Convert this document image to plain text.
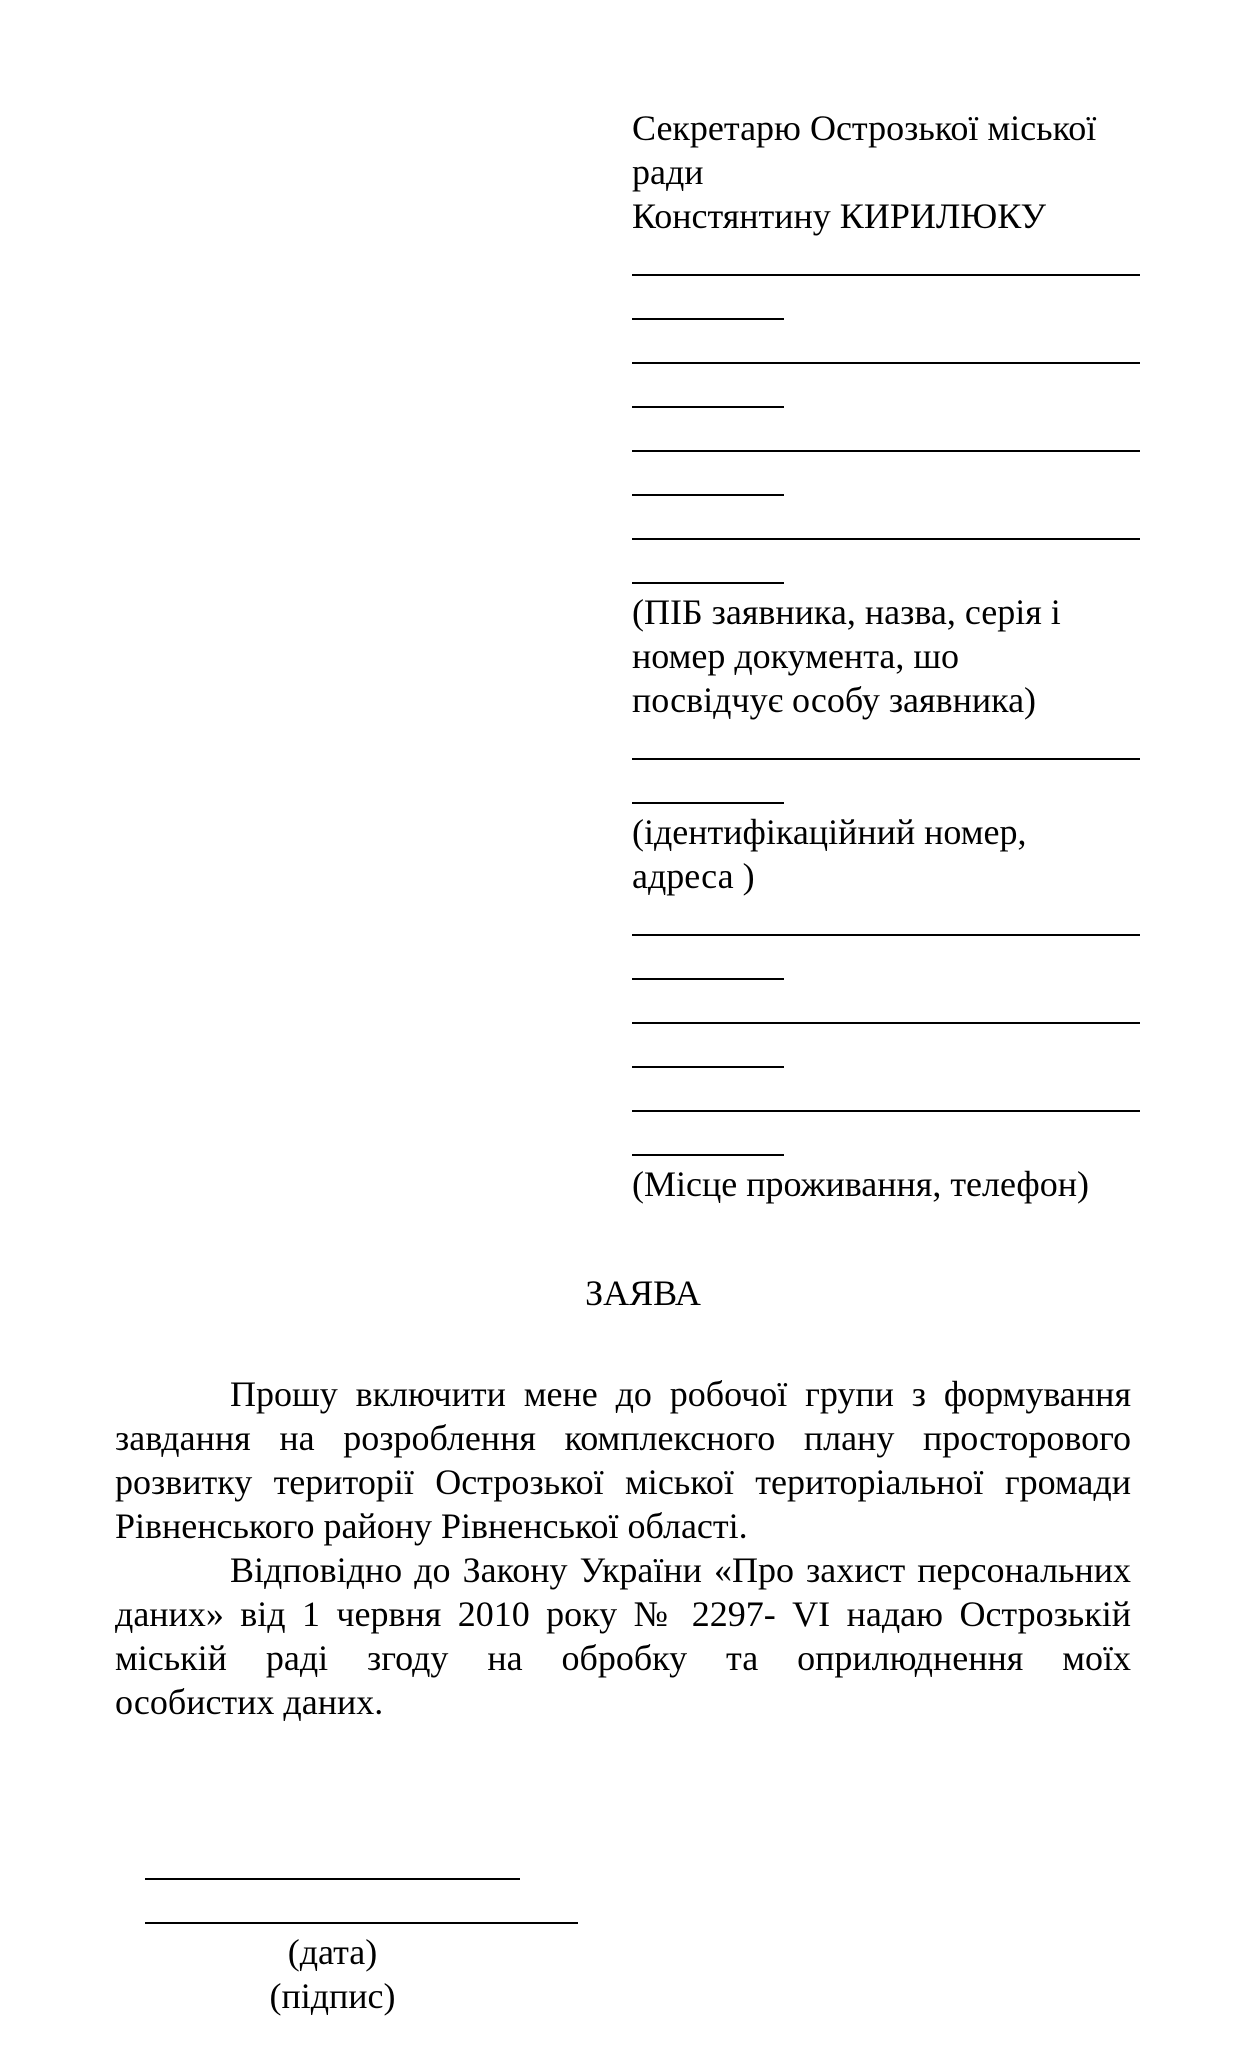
Секретарю Острозької міської
ради
Констянтину КИРИЛЮКУ
(ПІБ заявника, назва, серія і
номер документа, шо
посвідчує особу заявника)
(ідентифікаційний номер,
адреса )
(Місце проживання, телефон)
ЗАЯВА
Прошу включити мене до робочої групи з формування
завдання на розроблення комплексного плану просторового
розвитку території Острозької міської територіальної громади
Рівненського району Рівненської області.
Відповідно до Закону України «Про захист персональних
даних» від 1 червня 2010 року № 2297- VI надаю Острозькій
міській раді згоду на обробку та оприлюднення моїх
особистих даних.
(дата)
(підпис)
